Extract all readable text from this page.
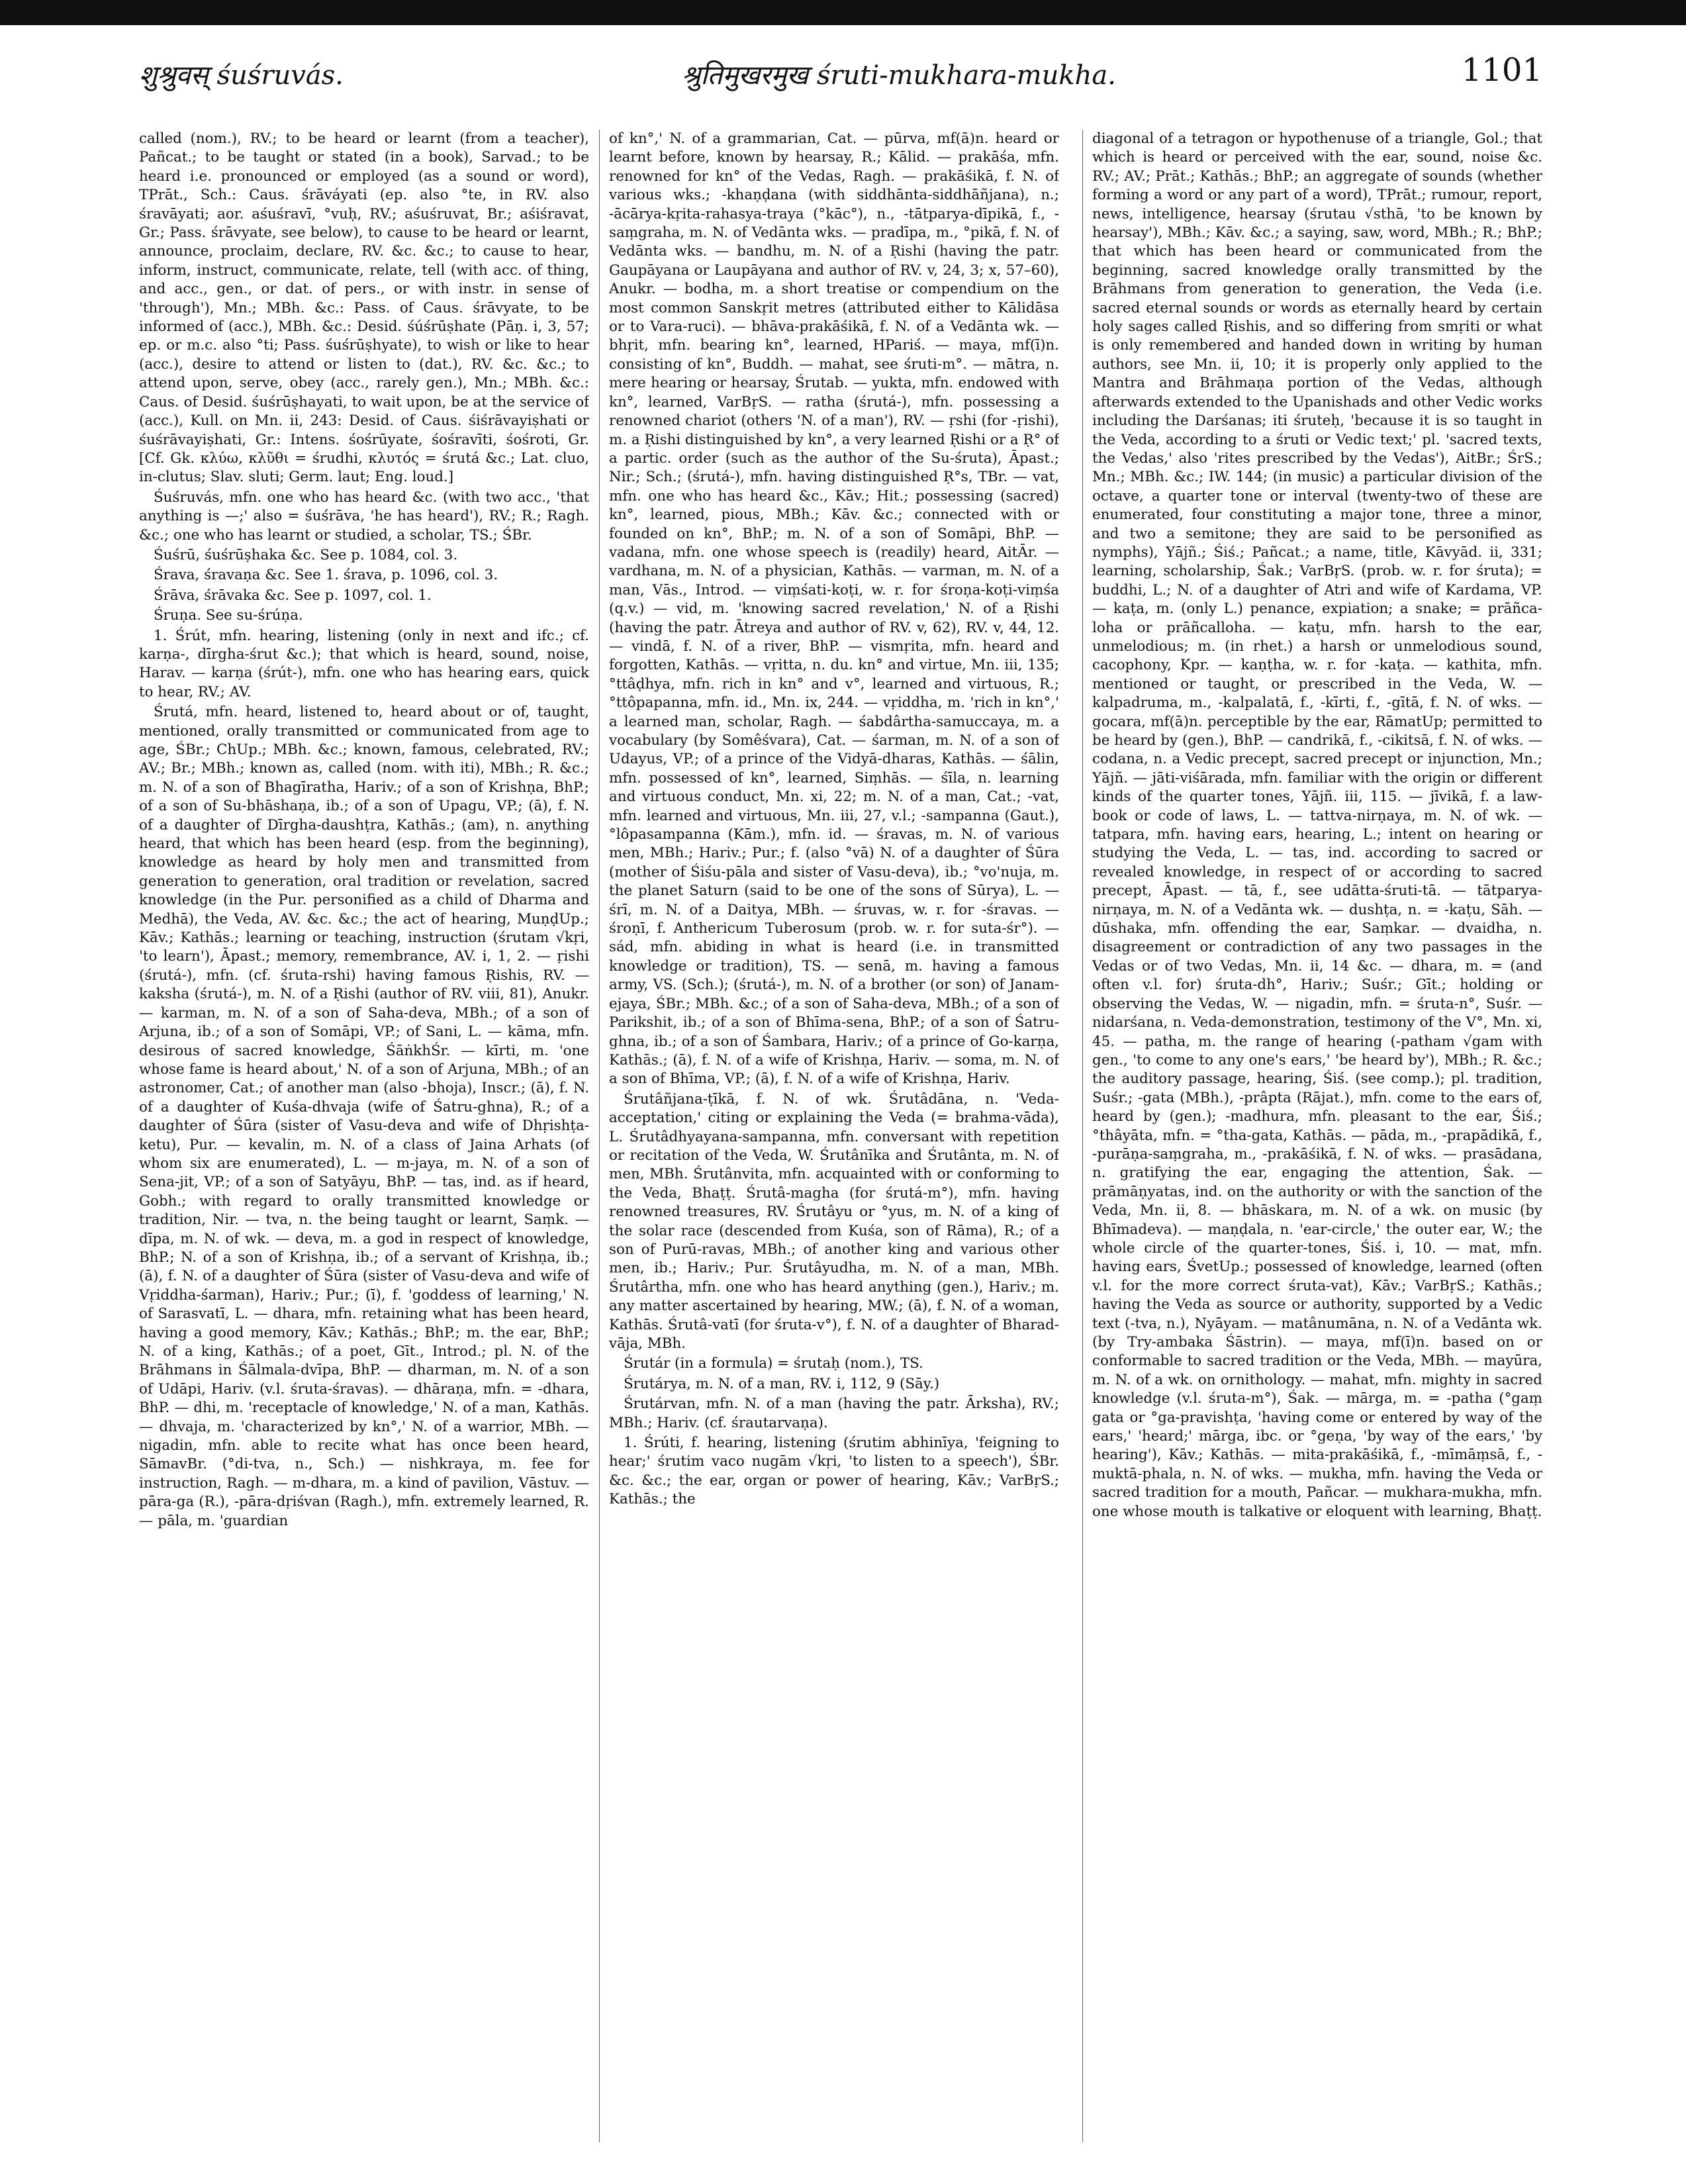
शुश्रुवस् śuśruvás.	श्रुतिमुखरमुख śruti-mukhara-mukha.	1101

called (nom.), RV.; to be heard or learnt (from a teacher), Pañcat.; to be taught or stated (in a book), Sarvad.; to be heard i.e. pronounced or employed (as a sound or word), TPrāt., Sch.: Caus. śrāváyati (ep. also °te, in RV. also śravāyati; aor. aśuśravī, °vuḥ, RV.; aśuśruvat, Br.; aśiśravat, Gr.; Pass. śrāvyate, see below), to cause to be heard or learnt, announce, proclaim, declare, RV. &c. &c.; to cause to hear, inform, instruct, communicate, relate, tell (with acc. of thing, and acc., gen., or dat. of pers., or with instr. in sense of 'through'), Mn.; MBh. &c.: Pass. of Caus. śrāvyate, to be informed of (acc.), MBh. &c.: Desid. śúśrūṣhate (Pāṇ. i, 3, 57; ep. or m.c. also °ti; Pass. śuśrūṣhyate), to wish or like to hear (acc.), desire to attend or listen to (dat.), RV. &c. &c.; to attend upon, serve, obey (acc., rarely gen.), Mn.; MBh. &c.: Caus. of Desid. śuśrūṣhayati, to wait upon, be at the service of (acc.), Kull. on Mn. ii, 243: Desid. of Caus. śiśrāvayiṣhati or śuśrāvayiṣhati, Gr.: Intens. śośrūyate, śośravīti, śośroti, Gr. [Cf. Gk. κλύω, κλῦθι = śrudhi, κλυτός = śrutá &c.; Lat. cluo, in-clutus; Slav. sluti; Germ. laut; Eng. loud.]

Śuśruvás, mfn. one who has heard &c. (with two acc., 'that anything is —;' also = śuśrāva, 'he has heard'), RV.; R.; Ragh. &c.; one who has learnt or studied, a scholar, TS.; ŚBr.

Śuśrū, śuśrūṣhaka &c. See p. 1084, col. 3.

Śrava, śravaṇa &c. See 1. śrava, p. 1096, col. 3.

Śrāva, śrāvaka &c. See p. 1097, col. 1.

Śruṇa. See su-śrúṇa.

1. Śrút, mfn. hearing, listening (only in next and ifc.; cf. karṇa-, dīrgha-śrut &c.); that which is heard, sound, noise, Harav. — karṇa (śrút-), mfn. one who has hearing ears, quick to hear, RV.; AV.

Śrutá, mfn. heard, listened to, heard about or of, taught, mentioned, orally transmitted or communicated from age to age, ŚBr.; ChUp.; MBh. &c.; known, famous, celebrated, RV.; AV.; Br.; MBh.; known as, called (nom. with iti), MBh.; R. &c.; m. N. of a son of Bhagīratha, Hariv.; of a son of Krishṇa, BhP.; of a son of Su-bhāshaṇa, ib.; of a son of Upagu, VP.; (ā), f. N. of a daughter of Dīrgha-daushṭra, Kathās.; (am), n. anything heard, that which has been heard (esp. from the beginning), knowledge as heard by holy men and transmitted from generation to generation, oral tradition or revelation, sacred knowledge (in the Pur. personified as a child of Dharma and Medhā), the Veda, AV. &c. &c.; the act of hearing, MuṇḍUp.; Kāv.; Kathās.; learning or teaching, instruction (śrutam √kṛi, 'to learn'), Āpast.; memory, remembrance, AV. i, 1, 2. — ṛishi (śrutá-), mfn. (cf. śruta-rshi) having famous Ṛishis, RV. — kaksha (śrutá-), m. N. of a Ṛishi (author of RV. viii, 81), Anukr. — karman, m. N. of a son of Saha-deva, MBh.; of a son of Arjuna, ib.; of a son of Somāpi, VP.; of Sani, L. — kāma, mfn. desirous of sacred knowledge, ŚāṅkhŚr. — kīrti, m. 'one whose fame is heard about,' N. of a son of Arjuna, MBh.; of an astronomer, Cat.; of another man (also -bhoja), Inscr.; (ā), f. N. of a daughter of Kuśa-dhvaja (wife of Śatru-ghna), R.; of a daughter of Śūra (sister of Vasu-deva and wife of Dhṛishṭa-ketu), Pur. — kevalin, m. N. of a class of Jaina Arhats (of whom six are enumerated), L. — m-jaya, m. N. of a son of Sena-jit, VP.; of a son of Satyāyu, BhP. — tas, ind. as if heard, Gobh.; with regard to orally transmitted knowledge or tradition, Nir. — tva, n. the being taught or learnt, Saṃk. — dīpa, m. N. of wk. — deva, m. a god in respect of knowledge, BhP.; N. of a son of Krishṇa, ib.; of a servant of Krishṇa, ib.; (ā), f. N. of a daughter of Śūra (sister of Vasu-deva and wife of Vṛiddha-śarman), Hariv.; Pur.; (ī), f. 'goddess of learning,' N. of Sarasvatī, L. — dhara, mfn. retaining what has been heard, having a good memory, Kāv.; Kathās.; BhP.; m. the ear, BhP.; N. of a king, Kathās.; of a poet, Gīt., Introd.; pl. N. of the Brāhmans in Śālmala-dvīpa, BhP. — dharman, m. N. of a son of Udāpi, Hariv. (v.l. śruta-śravas). — dhāraṇa, mfn. = -dhara, BhP. — dhi, m. 'receptacle of knowledge,' N. of a man, Kathās. — dhvaja, m. 'characterized by kn°,' N. of a warrior, MBh. — nigadin, mfn. able to recite what has once been heard, SāmavBr. (°di-tva, n., Sch.) — nishkraya, m. fee for instruction, Ragh. — m-dhara, m. a kind of pavilion, Vāstuv. — pāra-ga (R.), -pāra-dṛiśvan (Ragh.), mfn. extremely learned, R. — pāla, m. 'guardian

of kn°,' N. of a grammarian, Cat. — pūrva, mf(ā)n. heard or learnt before, known by hearsay, R.; Kālid. — prakāśa, mfn. renowned for kn° of the Vedas, Ragh. — prakāśikā, f. N. of various wks.; -khaṇḍana (with siddhānta-siddhāñjana), n.; -ācārya-kṛita-rahasya-traya (°kāc°), n., -tātparya-dīpikā, f., -saṃgraha, m. N. of Vedānta wks. — pradīpa, m., °pikā, f. N. of Vedānta wks. — bandhu, m. N. of a Ṛishi (having the patr. Gaupāyana or Laupāyana and author of RV. v, 24, 3; x, 57–60), Anukr. — bodha, m. a short treatise or compendium on the most common Sanskṛit metres (attributed either to Kālidāsa or to Vara-ruci). — bhāva-prakāśikā, f. N. of a Vedānta wk. — bhṛit, mfn. bearing kn°, learned, HPariś. — maya, mf(ī)n. consisting of kn°, Buddh. — mahat, see śruti-m°. — mātra, n. mere hearing or hearsay, Śrutab. — yukta, mfn. endowed with kn°, learned, VarBṛS. — ratha (śrutá-), mfn. possessing a renowned chariot (others 'N. of a man'), RV. — ṛshi (for -ṛishi), m. a Ṛishi distinguished by kn°, a very learned Ṛishi or a Ṛ° of a partic. order (such as the author of the Su-śruta), Āpast.; Nir.; Sch.; (śrutá-), mfn. having distinguished Ṛ°s, TBr. — vat, mfn. one who has heard &c., Kāv.; Hit.; possessing (sacred) kn°, learned, pious, MBh.; Kāv. &c.; connected with or founded on kn°, BhP.; m. N. of a son of Somāpi, BhP. — vadana, mfn. one whose speech is (readily) heard, AitĀr. — vardhana, m. N. of a physician, Kathās. — varman, m. N. of a man, Vās., Introd. — viṃśati-koṭi, w. r. for śroṇa-koṭi-viṃśa (q.v.) — vid, m. 'knowing sacred revelation,' N. of a Ṛishi (having the patr. Ātreya and author of RV. v, 62), RV. v, 44, 12. — vindā, f. N. of a river, BhP. — vismṛita, mfn. heard and forgotten, Kathās. — vṛitta, n. du. kn° and virtue, Mn. iii, 135; °ttâḍhya, mfn. rich in kn° and v°, learned and virtuous, R.; °ttôpapanna, mfn. id., Mn. ix, 244. — vṛiddha, m. 'rich in kn°,' a learned man, scholar, Ragh. — śabdârtha-samuccaya, m. a vocabulary (by Somêśvara), Cat. — śarman, m. N. of a son of Udayus, VP.; of a prince of the Vidyā-dharas, Kathās. — śālin, mfn. possessed of kn°, learned, Siṃhās. — śīla, n. learning and virtuous conduct, Mn. xi, 22; m. N. of a man, Cat.; -vat, mfn. learned and virtuous, Mn. iii, 27, v.l.; -sampanna (Gaut.), °lôpasampanna (Kām.), mfn. id. — śravas, m. N. of various men, MBh.; Hariv.; Pur.; f. (also °vā) N. of a daughter of Śūra (mother of Śiśu-pāla and sister of Vasu-deva), ib.; °vo'nuja, m. the planet Saturn (said to be one of the sons of Sūrya), L. — śrī, m. N. of a Daitya, MBh. — śruvas, w. r. for -śravas. — śroṇī, f. Anthericum Tuberosum (prob. w. r. for suta-śr°). — sád, mfn. abiding in what is heard (i.e. in transmitted knowledge or tradition), TS. — senā, m. having a famous army, VS. (Sch.); (śrutá-), m. N. of a brother (or son) of Janam-ejaya, ŚBr.; MBh. &c.; of a son of Saha-deva, MBh.; of a son of Parikshit, ib.; of a son of Bhīma-sena, BhP.; of a son of Śatru-ghna, ib.; of a son of Śambara, Hariv.; of a prince of Go-karṇa, Kathās.; (ā), f. N. of a wife of Krishṇa, Hariv. — soma, m. N. of a son of Bhīma, VP.; (ā), f. N. of a wife of Krishṇa, Hariv.

Śrutâñjana-ṭīkā, f. N. of wk. Śrutâdāna, n. 'Veda-acceptation,' citing or explaining the Veda (= brahma-vāda), L. Śrutâdhyayana-sampanna, mfn. conversant with repetition or recitation of the Veda, W. Śrutânīka and Śrutânta, m. N. of men, MBh. Śrutânvita, mfn. acquainted with or conforming to the Veda, Bhaṭṭ. Śrutâ-magha (for śrutá-m°), mfn. having renowned treasures, RV. Śrutâyu or °yus, m. N. of a king of the solar race (descended from Kuśa, son of Rāma), R.; of a son of Purū-ravas, MBh.; of another king and various other men, ib.; Hariv.; Pur. Śrutâyudha, m. N. of a man, MBh. Śrutârtha, mfn. one who has heard anything (gen.), Hariv.; m. any matter ascertained by hearing, MW.; (ā), f. N. of a woman, Kathās. Śrutâ-vatī (for śruta-v°), f. N. of a daughter of Bharad-vāja, MBh.

Śrutár (in a formula) = śrutaḥ (nom.), TS.

Śrutárya, m. N. of a man, RV. i, 112, 9 (Sāy.)

Śrutárvan, mfn. N. of a man (having the patr. Ārksha), RV.; MBh.; Hariv. (cf. śrautarvaṇa).

1. Śrúti, f. hearing, listening (śrutim abhinīya, 'feigning to hear;' śrutim vaco nugām √kṛi, 'to listen to a speech'), ŚBr. &c. &c.; the ear, organ or power of hearing, Kāv.; VarBṛS.; Kathās.; the

diagonal of a tetragon or hypothenuse of a triangle, Gol.; that which is heard or perceived with the ear, sound, noise &c. RV.; AV.; Prāt.; Kathās.; BhP.; an aggregate of sounds (whether forming a word or any part of a word), TPrāt.; rumour, report, news, intelligence, hearsay (śrutau √sthā, 'to be known by hearsay'), MBh.; Kāv. &c.; a saying, saw, word, MBh.; R.; BhP.; that which has been heard or communicated from the beginning, sacred knowledge orally transmitted by the Brāhmans from generation to generation, the Veda (i.e. sacred eternal sounds or words as eternally heard by certain holy sages called Ṛishis, and so differing from smṛiti or what is only remembered and handed down in writing by human authors, see Mn. ii, 10; it is properly only applied to the Mantra and Brāhmaṇa portion of the Vedas, although afterwards extended to the Upanishads and other Vedic works including the Darśanas; iti śruteḥ, 'because it is so taught in the Veda, according to a śruti or Vedic text;' pl. 'sacred texts, the Vedas,' also 'rites prescribed by the Vedas'), AitBr.; ŚrS.; Mn.; MBh. &c.; IW. 144; (in music) a particular division of the octave, a quarter tone or interval (twenty-two of these are enumerated, four constituting a major tone, three a minor, and two a semitone; they are said to be personified as nymphs), Yājñ.; Śiś.; Pañcat.; a name, title, Kāvyād. ii, 331; learning, scholarship, Śak.; VarBṛS. (prob. w. r. for śruta); = buddhi, L.; N. of a daughter of Atri and wife of Kardama, VP. — kaṭa, m. (only L.) penance, expiation; a snake; = prāñca-loha or prāñcalloha. — kaṭu, mfn. harsh to the ear, unmelodious; m. (in rhet.) a harsh or unmelodious sound, cacophony, Kpr. — kaṇṭha, w. r. for -kaṭa. — kathita, mfn. mentioned or taught, or prescribed in the Veda, W. — kalpadruma, m., -kalpalatā, f., -kīrti, f., -gītā, f. N. of wks. — gocara, mf(ā)n. perceptible by the ear, RāmatUp; permitted to be heard by (gen.), BhP. — candrikā, f., -cikitsā, f. N. of wks. — codana, n. a Vedic precept, sacred precept or injunction, Mn.; Yājñ. — jāti-viśārada, mfn. familiar with the origin or different kinds of the quarter tones, Yājñ. iii, 115. — jīvikā, f. a law-book or code of laws, L. — tattva-nirṇaya, m. N. of wk. — tatpara, mfn. having ears, hearing, L.; intent on hearing or studying the Veda, L. — tas, ind. according to sacred or revealed knowledge, in respect of or according to sacred precept, Āpast. — tā, f., see udātta-śruti-tā. — tātparya-nirṇaya, m. N. of a Vedānta wk. — dushṭa, n. = -kaṭu, Sāh. — dūshaka, mfn. offending the ear, Saṃkar. — dvaidha, n. disagreement or contradiction of any two passages in the Vedas or of two Vedas, Mn. ii, 14 &c. — dhara, m. = (and often v.l. for) śruta-dh°, Hariv.; Suśr.; Gīt.; holding or observing the Vedas, W. — nigadin, mfn. = śruta-n°, Suśr. — nidarśana, n. Veda-demonstration, testimony of the V°, Mn. xi, 45. — patha, m. the range of hearing (-patham √gam with gen., 'to come to any one's ears,' 'be heard by'), MBh.; R. &c.; the auditory passage, hearing, Śiś. (see comp.); pl. tradition, Suśr.; -gata (MBh.), -prâpta (Rājat.), mfn. come to the ears of, heard by (gen.); -madhura, mfn. pleasant to the ear, Śiś.; °thâyāta, mfn. = °tha-gata, Kathās. — pāda, m., -prapādikā, f., -purāṇa-saṃgraha, m., -prakāśikā, f. N. of wks. — prasādana, n. gratifying the ear, engaging the attention, Śak. — prāmāṇyatas, ind. on the authority or with the sanction of the Veda, Mn. ii, 8. — bhāskara, m. N. of a wk. on music (by Bhīmadeva). — maṇḍala, n. 'ear-circle,' the outer ear, W.; the whole circle of the quarter-tones, Śiś. i, 10. — mat, mfn. having ears, ŚvetUp.; possessed of knowledge, learned (often v.l. for the more correct śruta-vat), Kāv.; VarBṛS.; Kathās.; having the Veda as source or authority, supported by a Vedic text (-tva, n.), Nyāyam. — matânumāna, n. N. of a Vedānta wk. (by Try-ambaka Śāstrin). — maya, mf(ī)n. based on or conformable to sacred tradition or the Veda, MBh. — mayūra, m. N. of a wk. on ornithology. — mahat, mfn. mighty in sacred knowledge (v.l. śruta-m°), Śak. — mārga, m. = -patha (°gaṃ gata or °ga-pravishṭa, 'having come or entered by way of the ears,' 'heard;' mārga, ibc. or °geṇa, 'by way of the ears,' 'by hearing'), Kāv.; Kathās. — mita-prakāśikā, f., -mīmāṃsā, f., -muktā-phala, n. N. of wks. — mukha, mfn. having the Veda or sacred tradition for a mouth, Pañcar. — mukhara-mukha, mfn. one whose mouth is talkative or eloquent with learning, Bhaṭṭ.
